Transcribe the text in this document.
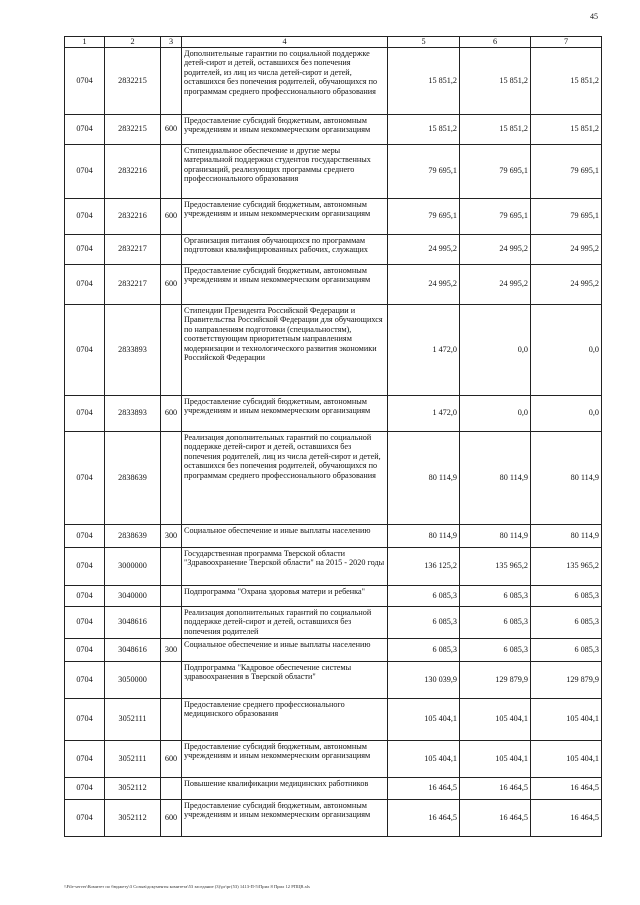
45
1	2	3	4	5	6	7
0704	2832215		Дополнительные гарантии по социальной поддержке детей-сирот и детей, оставшихся без попечения родителей, из лиц из числа детей-сирот и детей, оставшихся без попечения родителей, обучающихся по программам среднего профессионального образования	15 851,2	15 851,2	15 851,2
0704	2832215	600	Предоставление субсидий бюджетным, автономным учреждениям и иным некоммерческим организациям	15 851,2	15 851,2	15 851,2
0704	2832216		Стипендиальное обеспечение и другие меры материальной поддержки студентов государственных организаций, реализующих программы среднего профессионального образования	79 695,1	79 695,1	79 695,1
0704	2832216	600	Предоставление субсидий бюджетным, автономным учреждениям и иным некоммерческим организациям	79 695,1	79 695,1	79 695,1
0704	2832217		Организация питания обучающихся по программам подготовки квалифицированных рабочих, служащих	24 995,2	24 995,2	24 995,2
0704	2832217	600	Предоставление субсидий бюджетным, автономным учреждениям и иным некоммерческим организациям	24 995,2	24 995,2	24 995,2
0704	2833893		Стипендии Президента Российской Федерации и Правительства Российской Федерации для обучающихся по направлениям подготовки (специальностям), соответствующим приоритетным направлениям модернизации и технологического развития экономики Российской Федерации	1 472,0	0,0	0,0
0704	2833893	600	Предоставление субсидий бюджетным, автономным учреждениям и иным некоммерческим организациям	1 472,0	0,0	0,0
0704	2838639		Реализация дополнительных гарантий по социальной поддержке детей-сирот и детей, оставшихся без попечения родителей, лиц из числа детей-сирот и детей, оставшихся без попечения родителей, обучающихся по программам среднего профессионального образования	80 114,9	80 114,9	80 114,9
0704	2838639	300	Социальное обеспечение и иные выплаты населению	80 114,9	80 114,9	80 114,9
0704	3000000		Государственная программа Тверской области "Здравоохранение Тверской области" на 2015 - 2020 годы	136 125,2	135 965,2	135 965,2
0704	3040000		Подпрограмма "Охрана здоровья матери и ребенка"	6 085,3	6 085,3	6 085,3
0704	3048616		Реализация дополнительных гарантий по социальной поддержке детей-сирот и детей, оставшихся без попечения родителей	6 085,3	6 085,3	6 085,3
0704	3048616	300	Социальное обеспечение и иные выплаты населению	6 085,3	6 085,3	6 085,3
0704	3050000		Подпрограмма "Кадровое обеспечение системы здравоохранения в Тверской области"	130 039,9	129 879,9	129 879,9
0704	3052111		Предоставление среднего профессионального медицинского образования	105 404,1	105 404,1	105 404,1
0704	3052111	600	Предоставление субсидий бюджетным, автономным учреждениям и иным некоммерческим организациям	105 404,1	105 404,1	105 404,1
0704	3052112		Повышение квалификации медицинских работников	16 464,5	16 464,5	16 464,5
0704	3052112	600	Предоставление субсидий бюджетным, автономным учреждениям и иным некоммерческим организациям	16 464,5	16 464,5	16 464,5
\\File-server\Комитет по бюджету\3 Созыв\документы комитета\53 заседание (3)\рг\рг(53) 1413-П-5\Прил 8 Прил 12 РПЦВ.xls
